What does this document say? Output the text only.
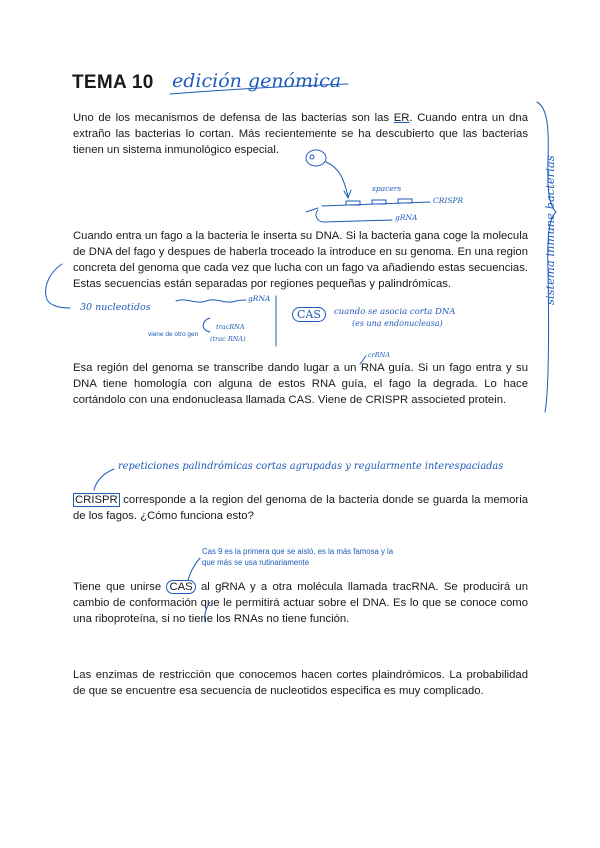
TEMA 10 edición genómica
Uno de los mecanismos de defensa de las bacterias son las ER. Cuando entra un dna extraño las bacterias lo cortan. Más recientemente se ha descubierto que las bacterias tienen un sistema inmunológico especial.
Cuando entra un fago a la bacteria le inserta su DNA. Si la bacteria gana coge la molecula de DNA del fago y despues de haberla troceado la introduce en su genoma. En una region concreta del genoma que cada vez que lucha con un fago va añadiendo estas secuencias. Estas secuencias están separadas por regiones pequeñas y palindrómicas.
Esa región del genoma se transcribe dando lugar a un RNA guía. Si un fago entra y su DNA tiene homología con alguna de estos RNA guía, el fago la degrada. Lo hace cortándolo con una endonucleasa llamada CAS. Viene de CRISPR associeted protein.
CRISPR corresponde a la region del genoma de la bacteria donde se guarda la memoria de los fagos. ¿Cómo funciona esto?
Tiene que unirse CAS al gRNA y a otra molécula llamada tracRNA. Se producirá un cambio de conformación que le permitirá actuar sobre el DNA. Es lo que se conoce como una riboproteína, si no tiene los RNAs no tiene función.
Las enzimas de restricción que conocemos hacen cortes plaindrómicos. La probabilidad de que se encuentre esa secuencia de nucleotidos especifica es muy complicado.
sistema inmune bacterias
spacers
CRISPR
gRNA
30 nucleotidos
gRNA
viene de otro gen
tracRNA
(trac RNA)
CAS	cuando se asocia corta DNA
(es una endonucleasa)
crRNA
repeticiones palindrómicas cortas agrupadas y regularmente interespaciadas
Cas 9 es la primera que se aisló, es la más famosa y la que más se usa rutinariamente
